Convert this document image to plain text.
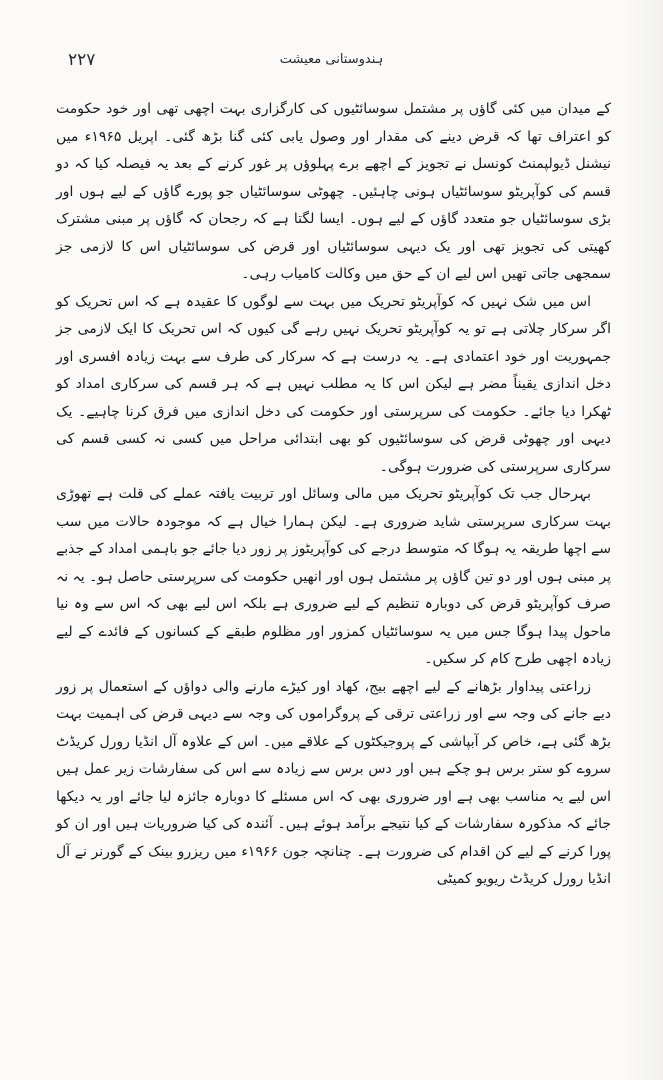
۲۲۷	ہندوستانی معیشت

کے میدان میں کئی گاؤں پر مشتمل سوسائٹیوں کی کارگزاری بہت اچھی تھی اور خود حکومت کو اعتراف تھا کہ قرض دینے کی مقدار اور وصول یابی کئی گنا بڑھ گئی۔ اپریل ۱۹۶۵ء میں نیشنل ڈیولپمنٹ کونسل نے تجویز کے اچھے برے پہلوؤں پر غور کرنے کے بعد یہ فیصلہ کیا کہ دو قسم کی کوآپریٹو سوسائٹیاں ہونی چاہئیں۔ چھوٹی سوسائٹیاں جو پورے گاؤں کے لیے ہوں اور بڑی سوسائٹیاں جو متعدد گاؤں کے لیے ہوں۔ ایسا لگتا ہے کہ رجحان کہ گاؤں پر مبنی مشترک کھیتی کی تجویز تھی اور یک دیہی سوسائٹیاں اور قرض کی سوسائٹیاں اس کا لازمی جز سمجھی جاتی تھیں اس لیے ان کے حق میں وکالت کامیاب رہی۔

اس میں شک نہیں کہ کوآپریٹو تحریک میں بہت سے لوگوں کا عقیدہ ہے کہ اس تحریک کو اگر سرکار چلاتی ہے تو یہ کوآپریٹو تحریک نہیں رہے گی کیوں کہ اس تحریک کا ایک لازمی جز جمہوریت اور خود اعتمادی ہے۔ یہ درست ہے کہ سرکار کی طرف سے بہت زیادہ افسری اور دخل اندازی یقیناً مضر ہے لیکن اس کا یہ مطلب نہیں ہے کہ ہر قسم کی سرکاری امداد کو ٹھکرا دیا جائے۔ حکومت کی سرپرستی اور حکومت کی دخل اندازی میں فرق کرنا چاہیے۔ یک دیہی اور چھوٹی قرض کی سوسائٹیوں کو بھی ابتدائی مراحل میں کسی نہ کسی قسم کی سرکاری سرپرستی کی ضرورت ہوگی۔

بہرحال جب تک کوآپریٹو تحریک میں مالی وسائل اور تربیت یافتہ عملے کی قلت ہے تھوڑی بہت سرکاری سرپرستی شاید ضروری ہے۔ لیکن ہمارا خیال ہے کہ موجودہ حالات میں سب سے اچھا طریقہ یہ ہوگا کہ متوسط درجے کی کوآپریٹوز پر زور دیا جائے جو باہمی امداد کے جذبے پر مبنی ہوں اور دو تین گاؤں پر مشتمل ہوں اور انھیں حکومت کی سرپرستی حاصل ہو۔ یہ نہ صرف کوآپریٹو قرض کی دوبارہ تنظیم کے لیے ضروری ہے بلکہ اس لیے بھی کہ اس سے وہ نیا ماحول پیدا ہوگا جس میں یہ سوسائٹیاں کمزور اور مظلوم طبقے کے کسانوں کے فائدے کے لیے زیادہ اچھی طرح کام کر سکیں۔

زراعتی پیداوار بڑھانے کے لیے اچھے بیج، کھاد اور کیڑے مارنے والی دواؤں کے استعمال پر زور دیے جانے کی وجہ سے اور زراعتی ترقی کے پروگراموں کی وجہ سے دیہی قرض کی اہمیت بہت بڑھ گئی ہے، خاص کر آبپاشی کے پروجیکٹوں کے علاقے میں۔ اس کے علاوہ آل انڈیا رورل کریڈٹ سروے کو ستر برس ہو چکے ہیں اور دس برس سے زیادہ سے اس کی سفارشات زیر عمل ہیں اس لیے یہ مناسب بھی ہے اور ضروری بھی کہ اس مسئلے کا دوبارہ جائزہ لیا جائے اور یہ دیکھا جائے کہ مذکورہ سفارشات کے کیا نتیجے برآمد ہوئے ہیں۔ آئندہ کی کیا ضروریات ہیں اور ان کو پورا کرنے کے لیے کن اقدام کی ضرورت ہے۔ چنانچہ جون ۱۹۶۶ء میں ریزرو بینک کے گورنر نے آل انڈیا رورل کریڈٹ ریویو کمیٹی
